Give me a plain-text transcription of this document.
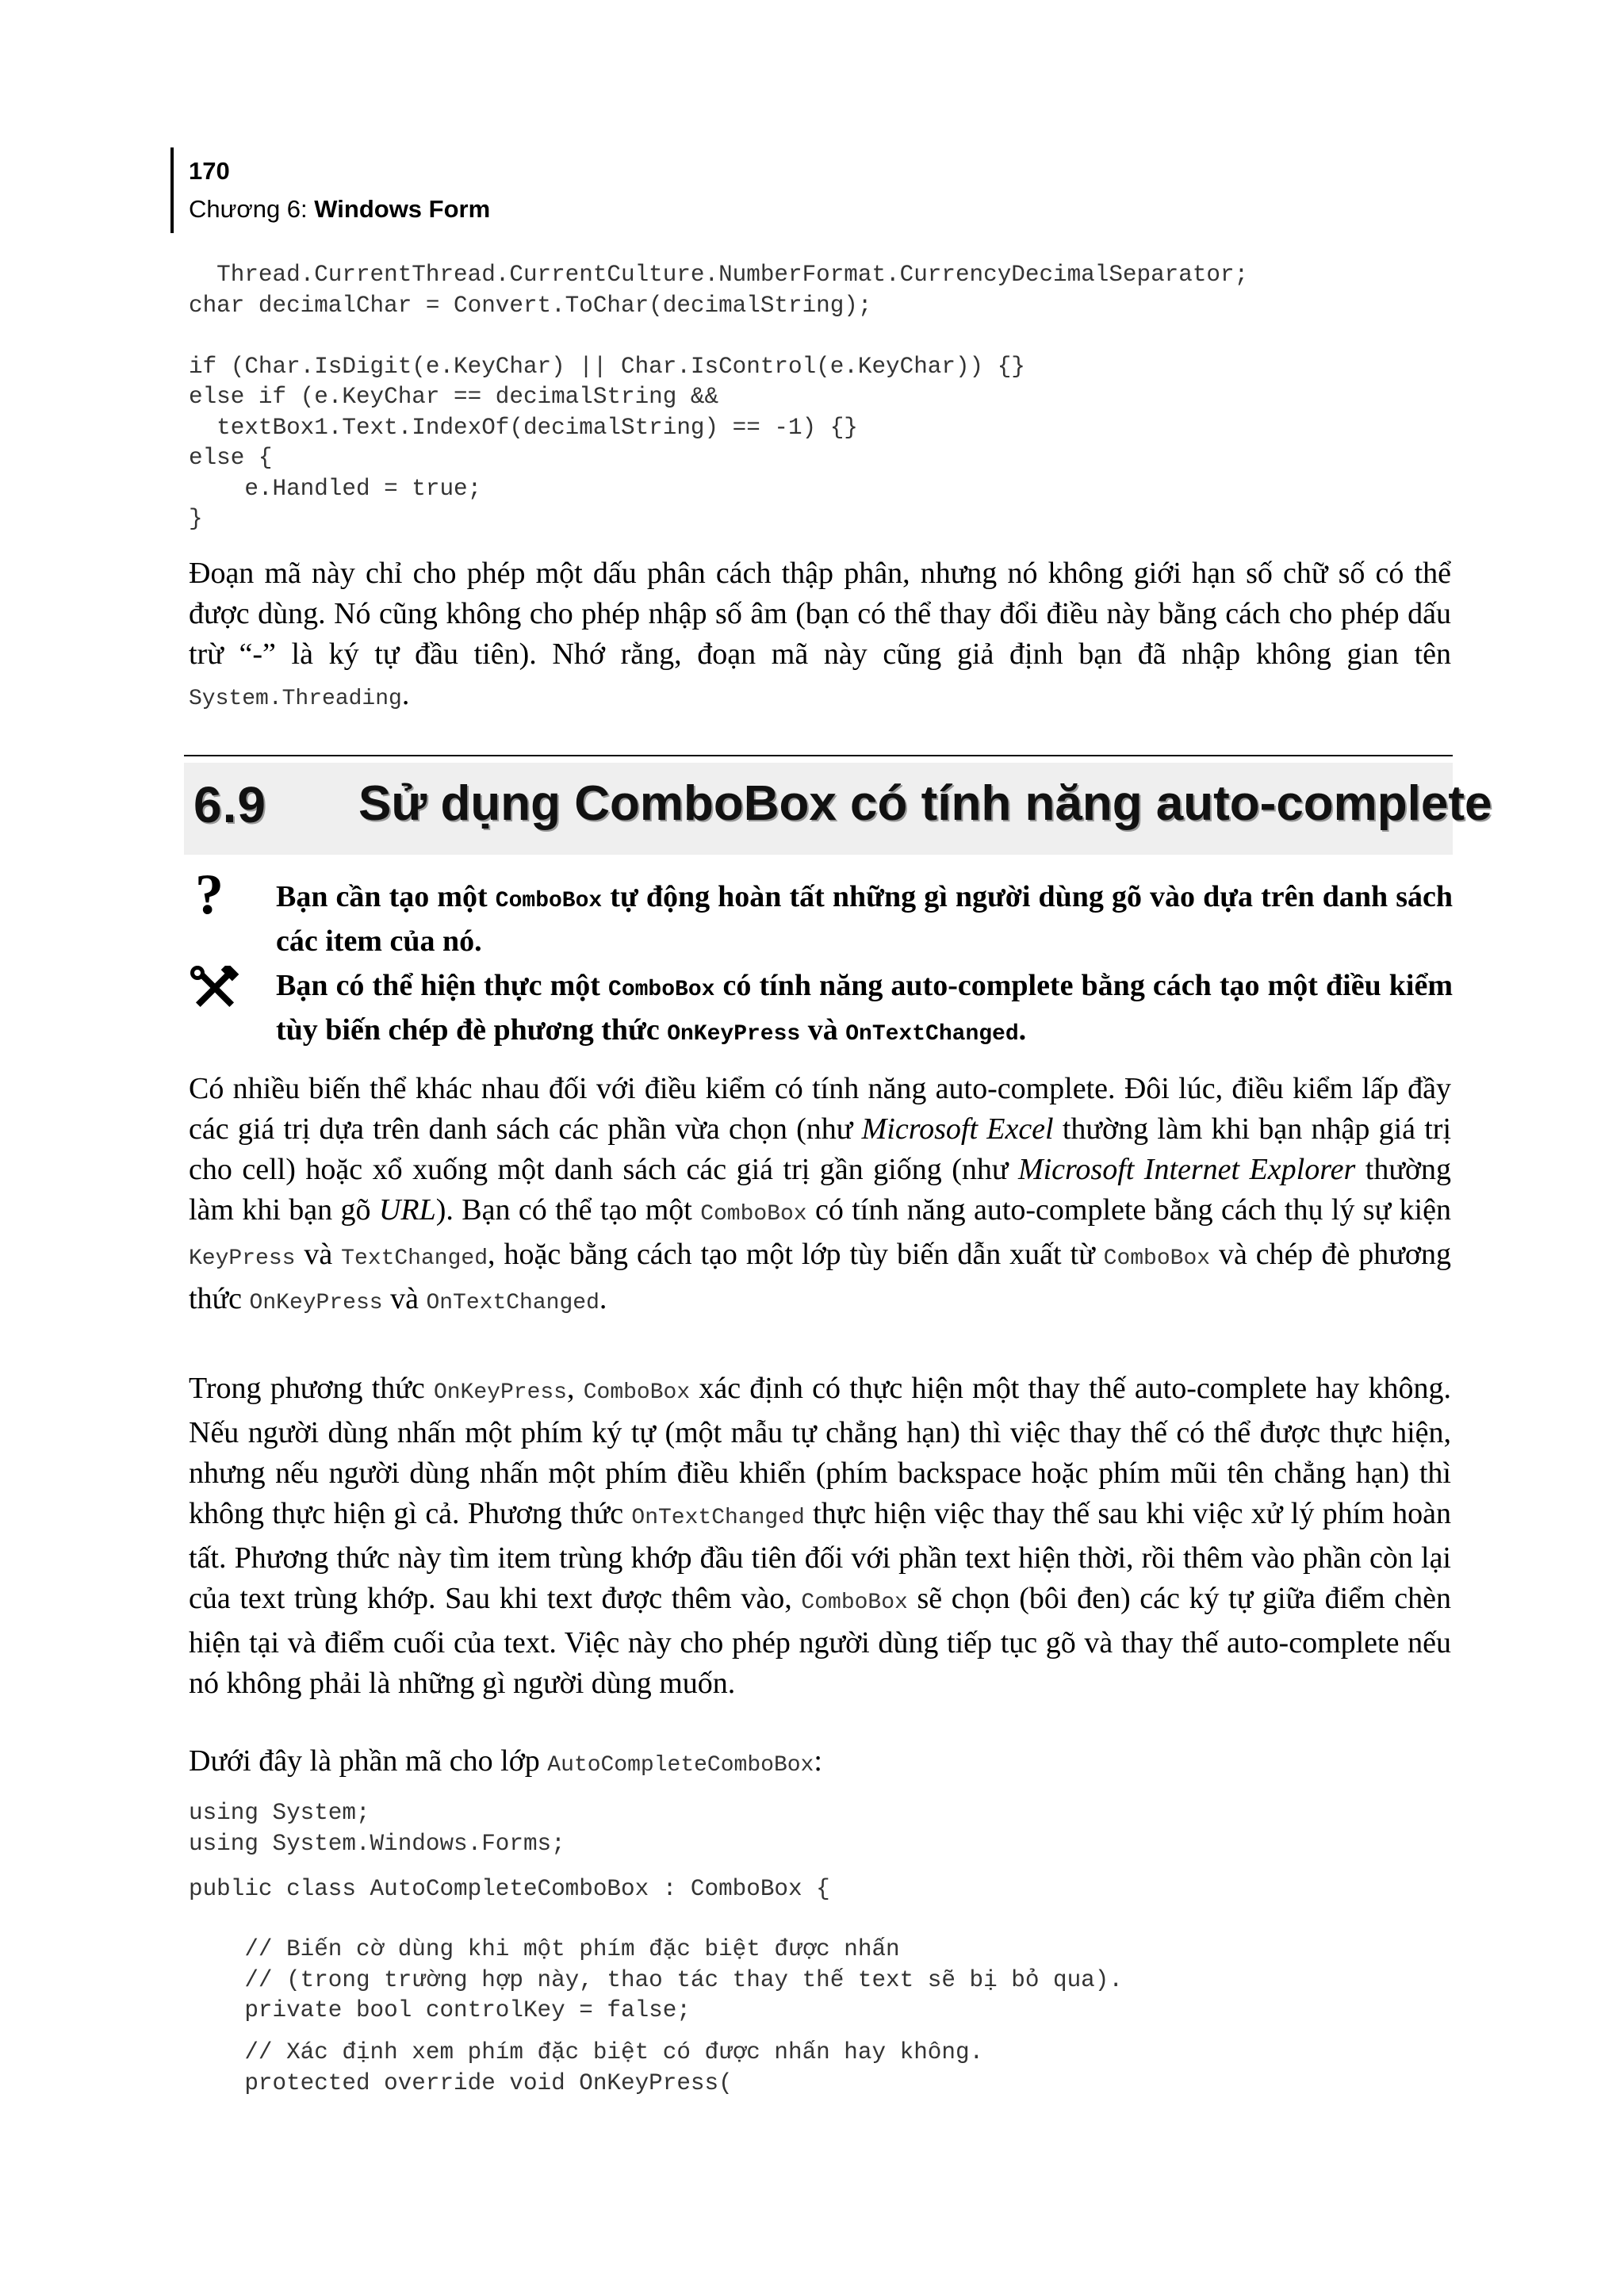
170
Chương 6: Windows Form
Thread.CurrentThread.CurrentCulture.NumberFormat.CurrencyDecimalSeparator;
char decimalChar = Convert.ToChar(decimalString);
if (Char.IsDigit(e.KeyChar) || Char.IsControl(e.KeyChar)) {}
else if (e.KeyChar == decimalString &&
textBox1.Text.IndexOf(decimalString) == -1) {}
else {
e.Handled = true;
}

Đoạn mã này chỉ cho phép một dấu phân cách thập phân, nhưng nó không giới hạn số chữ số có thể được dùng. Nó cũng không cho phép nhập số âm (bạn có thể thay đổi điều này bằng cách cho phép dấu trừ “-” là ký tự đầu tiên). Nhớ rằng, đoạn mã này cũng giả định bạn đã nhập không gian tên System.Threading.

6.9 Sử dụng ComboBox có tính năng auto-complete
? Bạn cần tạo một ComboBox tự động hoàn tất những gì người dùng gõ vào dựa trên danh sách các item của nó.

Bạn có thể hiện thực một ComboBox có tính năng auto-complete bằng cách tạo một điều kiểm tùy biến chép đè phương thức OnKeyPress và OnTextChanged.

Có nhiều biến thể khác nhau đối với điều kiểm có tính năng auto-complete. Đôi lúc, điều kiểm lấp đầy các giá trị dựa trên danh sách các phần vừa chọn (như Microsoft Excel thường làm khi bạn nhập giá trị cho cell) hoặc xổ xuống một danh sách các giá trị gần giống (như Microsoft Internet Explorer thường làm khi bạn gõ URL). Bạn có thể tạo một ComboBox có tính năng auto-complete bằng cách thụ lý sự kiện KeyPress và TextChanged, hoặc bằng cách tạo một lớp tùy biến dẫn xuất từ ComboBox và chép đè phương thức OnKeyPress và OnTextChanged.

Trong phương thức OnKeyPress, ComboBox xác định có thực hiện một thay thế auto-complete hay không. Nếu người dùng nhấn một phím ký tự (một mẫu tự chẳng hạn) thì việc thay thế có thể được thực hiện, nhưng nếu người dùng nhấn một phím điều khiển (phím backspace hoặc phím mũi tên chẳng hạn) thì không thực hiện gì cả. Phương thức OnTextChanged thực hiện việc thay thế sau khi việc xử lý phím hoàn tất. Phương thức này tìm item trùng khớp đầu tiên đối với phần text hiện thời, rồi thêm vào phần còn lại của text trùng khớp. Sau khi text được thêm vào, ComboBox sẽ chọn (bôi đen) các ký tự giữa điểm chèn hiện tại và điểm cuối của text. Việc này cho phép người dùng tiếp tục gõ và thay thế auto-complete nếu nó không phải là những gì người dùng muốn.

Dưới đây là phần mã cho lớp AutoCompleteComboBox:

using System;
using System.Windows.Forms;
public class AutoCompleteComboBox : ComboBox {
// Biến cờ dùng khi một phím đặc biệt được nhấn
// (trong trường hợp này, thao tác thay thế text sẽ bị bỏ qua).
private bool controlKey = false;
// Xác định xem phím đặc biệt có được nhấn hay không.
protected override void OnKeyPress(
